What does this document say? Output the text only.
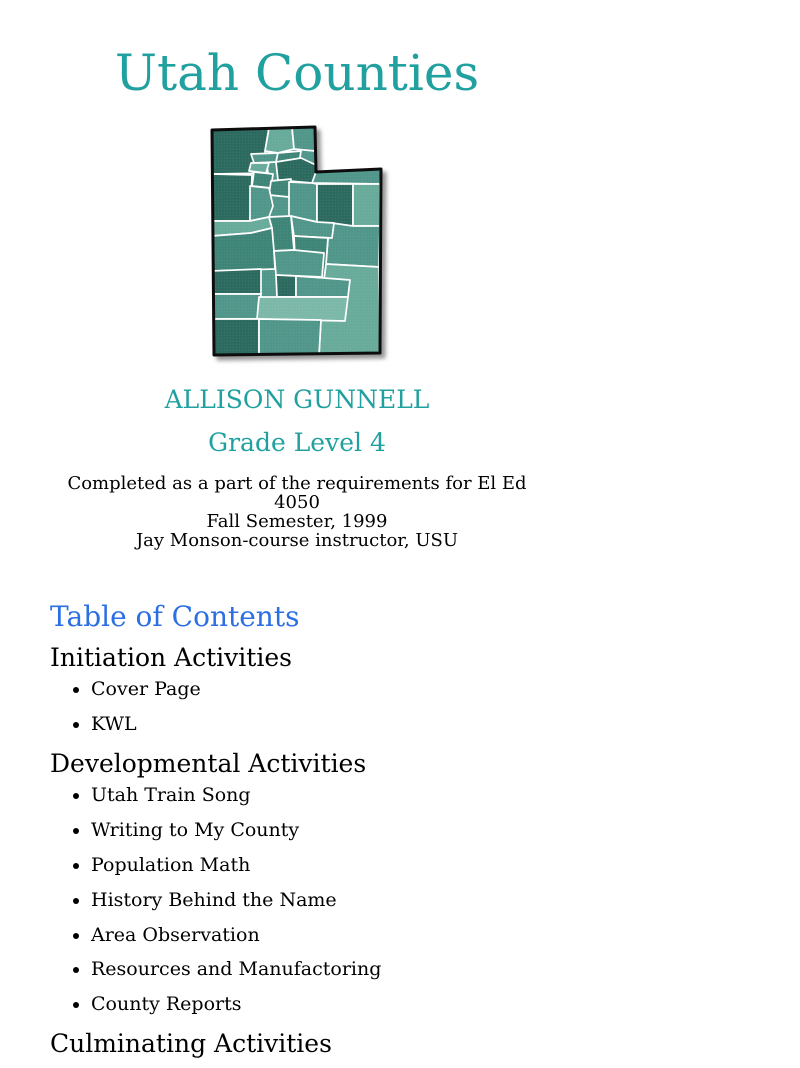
Utah Counties
ALLISON GUNNELL
Grade Level 4

Completed as a part of the requirements for El Ed 4050
Fall Semester, 1999
Jay Monson-course instructor, USU

Table of Contents
Initiation Activities
• Cover Page
• KWL
Developmental Activities
• Utah Train Song
• Writing to My County
• Population Math
• History Behind the Name
• Area Observation
• Resources and Manufactoring
• County Reports
Culminating Activities
